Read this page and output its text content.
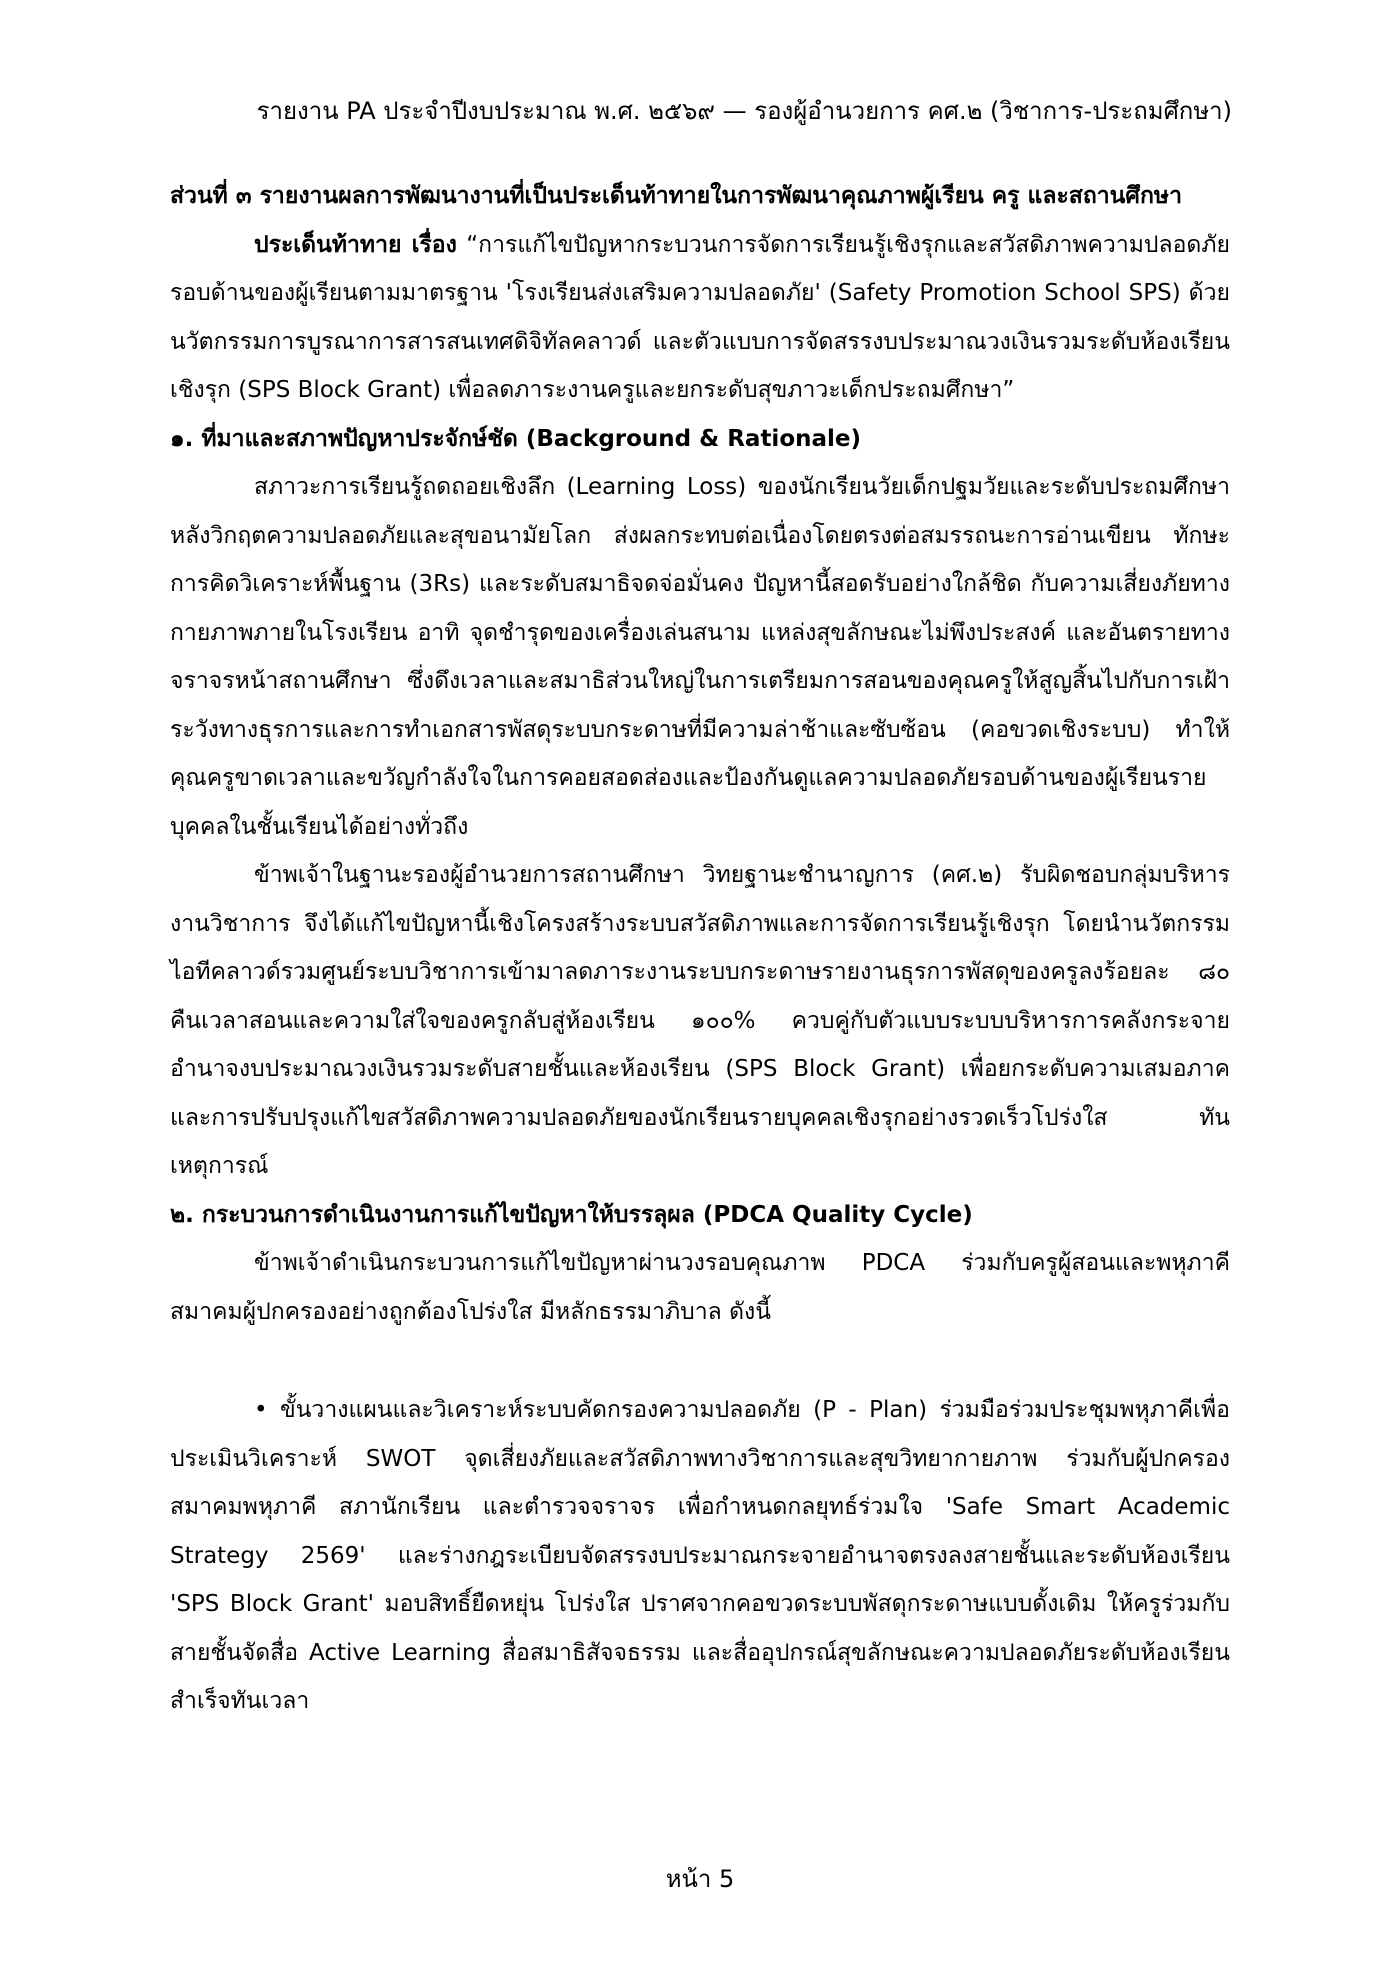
รายงาน PA ประจำปีงบประมาณ พ.ศ. ๒๕๖๙ — รองผู้อำนวยการ คศ.๒ (วิชาการ-ประถมศึกษา)

ส่วนที่ ๓ รายงานผลการพัฒนางานที่เป็นประเด็นท้าทายในการพัฒนาคุณภาพผู้เรียน ครู และสถานศึกษา

ประเด็นท้าทาย เรื่อง “การแก้ไขปัญหากระบวนการจัดการเรียนรู้เชิงรุกและสวัสดิภาพความปลอดภัยรอบด้านของผู้เรียนตามมาตรฐาน 'โรงเรียนส่งเสริมความปลอดภัย' (Safety Promotion School SPS) ด้วยนวัตกรรมการบูรณาการสารสนเทศดิจิทัลคลาวด์ และตัวแบบการจัดสรรงบประมาณวงเงินรวมระดับห้องเรียนเชิงรุก (SPS Block Grant) เพื่อลดภาระงานครูและยกระดับสุขภาวะเด็กประถมศึกษา”

๑. ที่มาและสภาพปัญหาประจักษ์ชัด (Background & Rationale)

สภาวะการเรียนรู้ถดถอยเชิงลึก (Learning Loss) ของนักเรียนวัยเด็กปฐมวัยและระดับประถมศึกษาหลังวิกฤตความปลอดภัยและสุขอนามัยโลก ส่งผลกระทบต่อเนื่องโดยตรงต่อสมรรถนะการอ่านเขียน ทักษะการคิดวิเคราะห์พื้นฐาน (3Rs) และระดับสมาธิจดจ่อมั่นคง ปัญหานี้สอดรับอย่างใกล้ชิด กับความเสี่ยงภัยทางกายภาพภายในโรงเรียน อาทิ จุดชำรุดของเครื่องเล่นสนาม แหล่งสุขลักษณะไม่พึงประสงค์ และอันตรายทางจราจรหน้าสถานศึกษา ซึ่งดึงเวลาและสมาธิส่วนใหญ่ในการเตรียมการสอนของคุณครูให้สูญสิ้นไปกับการเฝ้าระวังทางธุรการและการทำเอกสารพัสดุระบบกระดาษที่มีความล่าช้าและซับซ้อน (คอขวดเชิงระบบ) ทำให้คุณครูขาดเวลาและขวัญกำลังใจในการคอยสอดส่องและป้องกันดูแลความปลอดภัยรอบด้านของผู้เรียนรายบุคคลในชั้นเรียนได้อย่างทั่วถึง

ข้าพเจ้าในฐานะรองผู้อำนวยการสถานศึกษา วิทยฐานะชำนาญการ (คศ.๒) รับผิดชอบกลุ่มบริหารงานวิชาการ จึงได้แก้ไขปัญหานี้เชิงโครงสร้างระบบสวัสดิภาพและการจัดการเรียนรู้เชิงรุก โดยนำนวัตกรรมไอทีคลาวด์รวมศูนย์ระบบวิชาการเข้ามาลดภาระงานระบบกระดาษรายงานธุรการพัสดุของครูลงร้อยละ ๘๐ คืนเวลาสอนและความใส่ใจของครูกลับสู่ห้องเรียน ๑๐๐% ควบคู่กับตัวแบบระบบบริหารการคลังกระจายอำนาจงบประมาณวงเงินรวมระดับสายชั้นและห้องเรียน (SPS Block Grant) เพื่อยกระดับความเสมอภาคและการปรับปรุงแก้ไขสวัสดิภาพความปลอดภัยของนักเรียนรายบุคคลเชิงรุกอย่างรวดเร็วโปร่งใส ทันเหตุการณ์

๒. กระบวนการดำเนินงานการแก้ไขปัญหาให้บรรลุผล (PDCA Quality Cycle)

ข้าพเจ้าดำเนินกระบวนการแก้ไขปัญหาผ่านวงรอบคุณภาพ PDCA ร่วมกับครูผู้สอนและพหุภาคีสมาคมผู้ปกครองอย่างถูกต้องโปร่งใส มีหลักธรรมาภิบาล ดังนี้

• ขั้นวางแผนและวิเคราะห์ระบบคัดกรองความปลอดภัย (P - Plan) ร่วมมือร่วมประชุมพหุภาคีเพื่อประเมินวิเคราะห์ SWOT จุดเสี่ยงภัยและสวัสดิภาพทางวิชาการและสุขวิทยากายภาพ ร่วมกับผู้ปกครองสมาคมพหุภาคี สภานักเรียน และตำรวจจราจร เพื่อกำหนดกลยุทธ์ร่วมใจ 'Safe Smart Academic Strategy 2569' และร่างกฎระเบียบจัดสรรงบประมาณกระจายอำนาจตรงลงสายชั้นและระดับห้องเรียน 'SPS Block Grant' มอบสิทธิ์ยืดหยุ่น โปร่งใส ปราศจากคอขวดระบบพัสดุกระดาษแบบดั้งเดิม ให้ครูร่วมกับสายชั้นจัดสื่อ Active Learning สื่อสมาธิสัจจธรรม และสื่ออุปกรณ์สุขลักษณะความปลอดภัยระดับห้องเรียนสำเร็จทันเวลา

หน้า 5
